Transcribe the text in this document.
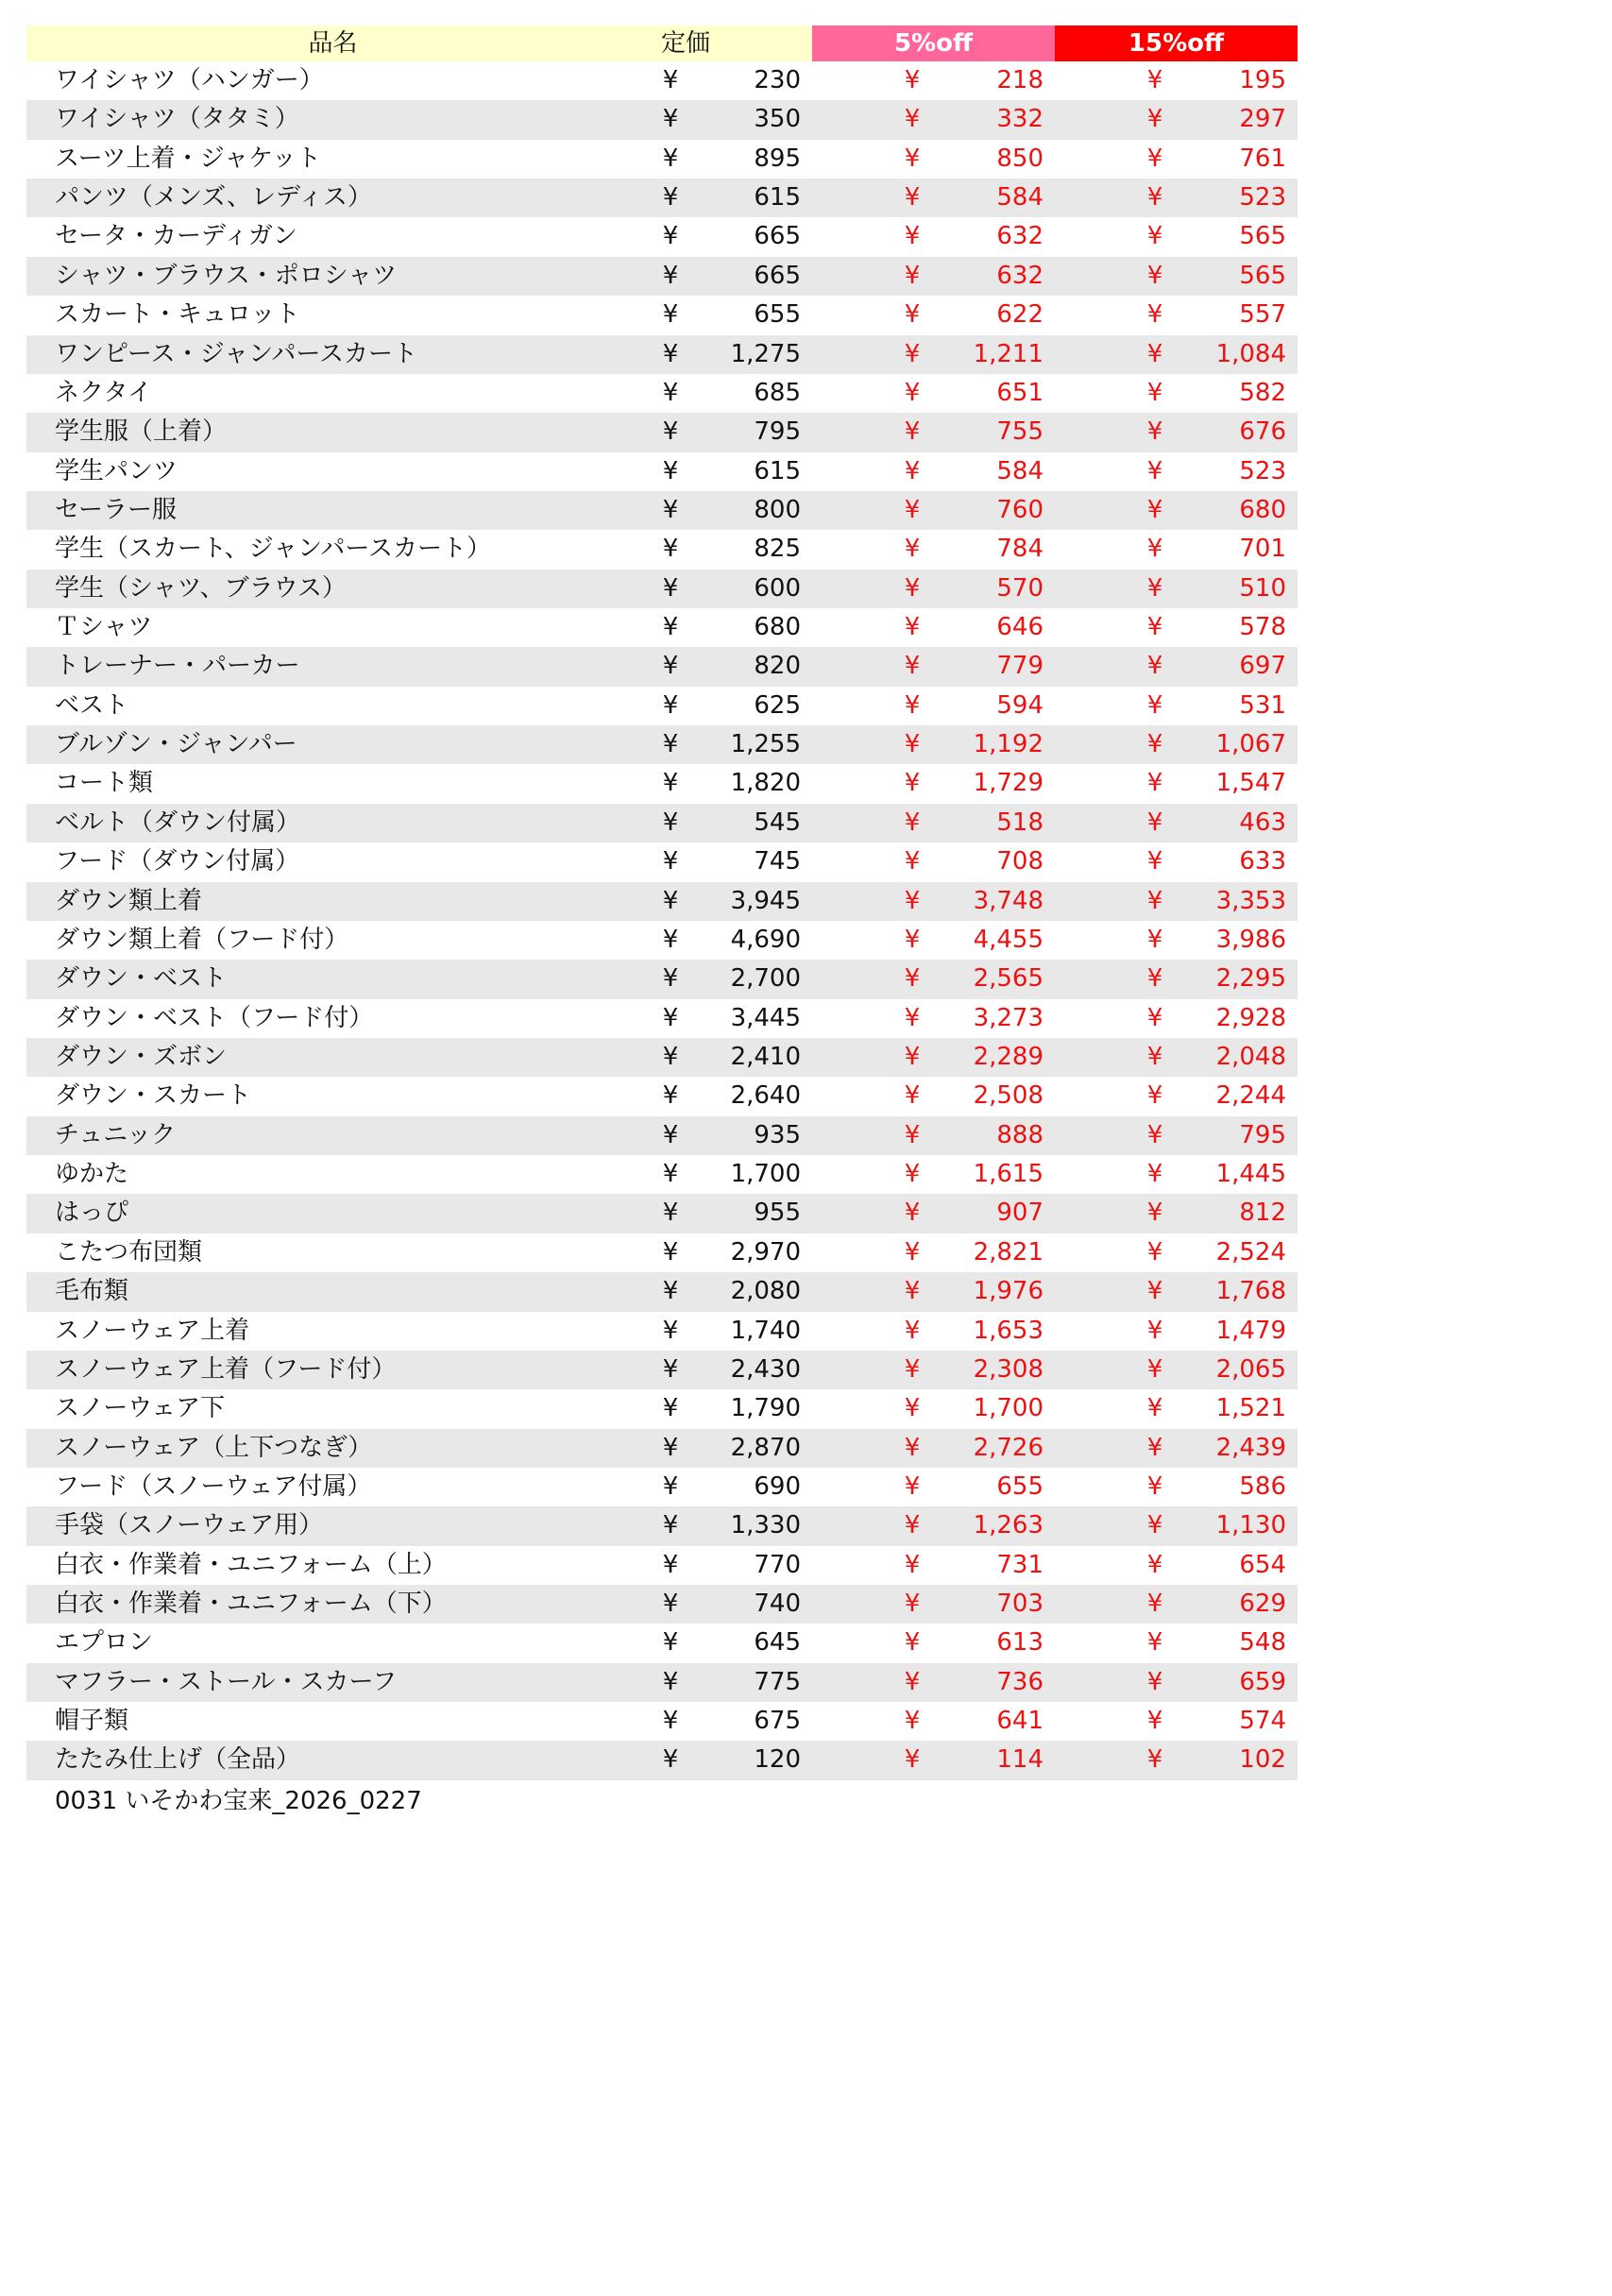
品名	定価	5%off	15%off
ワイシャツ（ハンガー）	¥	230	¥	218	¥	195
ワイシャツ（タタミ）	¥	350	¥	332	¥	297
スーツ上着・ジャケット	¥	895	¥	850	¥	761
パンツ（メンズ、レディス）	¥	615	¥	584	¥	523
セータ・カーディガン	¥	665	¥	632	¥	565
シャツ・ブラウス・ポロシャツ	¥	665	¥	632	¥	565
スカート・キュロット	¥	655	¥	622	¥	557
ワンピース・ジャンパースカート	¥ 1,275	¥ 1,211	¥ 1,084
ネクタイ	¥	685	¥	651	¥	582
学生服（上着）	¥	795	¥	755	¥	676
学生パンツ	¥	615	¥	584	¥	523
セーラー服	¥	800	¥	760	¥	680
学生（スカート、ジャンパースカート）	¥	825	¥	784	¥	701
学生（シャツ、ブラウス）	¥	600	¥	570	¥	510
Ｔシャツ	¥	680	¥	646	¥	578
トレーナー・パーカー	¥	820	¥	779	¥	697
ベスト	¥	625	¥	594	¥	531
ブルゾン・ジャンパー	¥ 1,255	¥ 1,192	¥ 1,067
コート類	¥ 1,820	¥ 1,729	¥ 1,547
ベルト（ダウン付属）	¥	545	¥	518	¥	463
フード（ダウン付属）	¥	745	¥	708	¥	633
ダウン類上着	¥ 3,945	¥ 3,748	¥ 3,353
ダウン類上着（フード付）	¥ 4,690	¥ 4,455	¥ 3,986
ダウン・ベスト	¥ 2,700	¥ 2,565	¥ 2,295
ダウン・ベスト（フード付）	¥ 3,445	¥ 3,273	¥ 2,928
ダウン・ズボン	¥ 2,410	¥ 2,289	¥ 2,048
ダウン・スカート	¥ 2,640	¥ 2,508	¥ 2,244
チュニック	¥	935	¥	888	¥	795
ゆかた	¥ 1,700	¥ 1,615	¥ 1,445
はっぴ	¥	955	¥	907	¥	812
こたつ布団類	¥ 2,970	¥ 2,821	¥ 2,524
毛布類	¥ 2,080	¥ 1,976	¥ 1,768
スノーウェア上着	¥ 1,740	¥ 1,653	¥ 1,479
スノーウェア上着（フード付）	¥ 2,430	¥ 2,308	¥ 2,065
スノーウェア下	¥ 1,790	¥ 1,700	¥ 1,521
スノーウェア（上下つなぎ）	¥ 2,870	¥ 2,726	¥ 2,439
フード（スノーウェア付属）	¥	690	¥	655	¥	586
手袋（スノーウェア用）	¥ 1,330	¥ 1,263	¥ 1,130
白衣・作業着・ユニフォーム（上）	¥	770	¥	731	¥	654
白衣・作業着・ユニフォーム（下）	¥	740	¥	703	¥	629
エプロン	¥	645	¥	613	¥	548
マフラー・ストール・スカーフ	¥	775	¥	736	¥	659
帽子類	¥	675	¥	641	¥	574
たたみ仕上げ（全品）	¥	120	¥	114	¥	102
0031 いそかわ宝来_2026_0227
